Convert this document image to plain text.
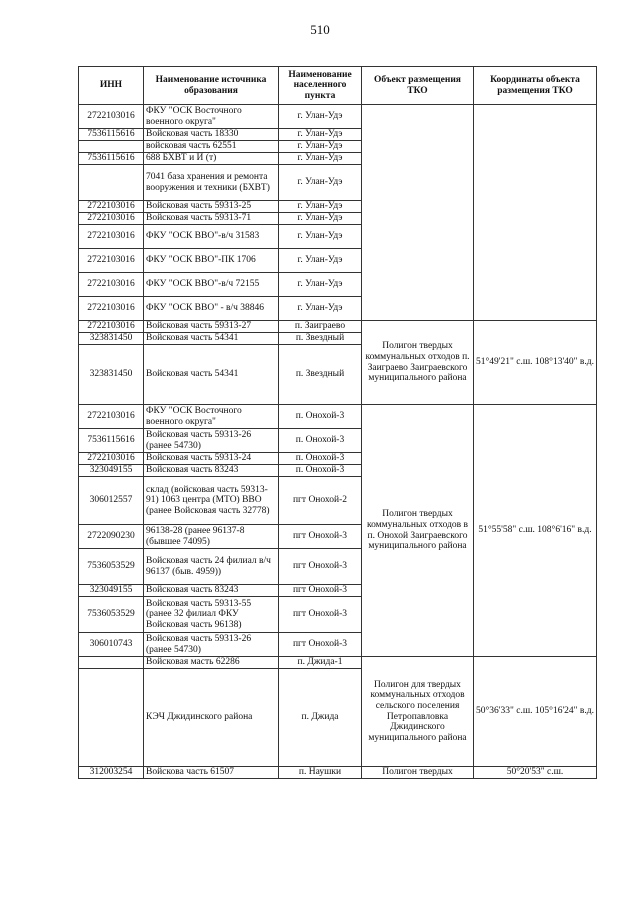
510
ИНН	Наименование источника образования	Наименование населенного пункта	Объект размещения ТКО	Координаты объекта размещения ТКО
2722103016	ФКУ "ОСК Восточного военного округа"	г. Улан-Удэ		
7536115616	Войсковая часть 18330	г. Улан-Удэ		
	войсковая часть 62551	г. Улан-Удэ		
7536115616	688 БХВТ и И (т)	г. Улан-Удэ		
	7041 база хранения и ремонта вооружения и техники (БХВТ)	г. Улан-Удэ		
2722103016	Войсковая часть 59313-25	г. Улан-Удэ		
2722103016	Войсковая часть 59313-71	г. Улан-Удэ		
2722103016	ФКУ "ОСК ВВО"-в/ч 31583	г. Улан-Удэ		
2722103016	ФКУ "ОСК ВВО"-ПК 1706	г. Улан-Удэ		
2722103016	ФКУ "ОСК ВВО"-в/ч 72155	г. Улан-Удэ		
2722103016	ФКУ "ОСК ВВО" - в/ч 38846	г. Улан-Удэ		
2722103016	Войсковая часть 59313-27	п. Заиграево	Полигон твердых коммунальных отходов п. Заиграево Заиграевского муниципального района	51°49'21" с.ш. 108°13'40" в.д.
323831450	Войсковая часть 54341	п. Звездный		
323831450	Войсковая часть 54341	п. Звездный		
2722103016	ФКУ "ОСК Восточного военного округа"	п. Онохой-3	Полигон твердых коммунальных отходов в п. Онохой Заиграевского муниципального района	51°55'58" с.ш. 108°6'16" в.д.
7536115616	Войсковая часть 59313-26 (ранее 54730)	п. Онохой-3		
2722103016	Войсковая часть 59313-24	п. Онохой-3		
323049155	Войсковая часть 83243	п. Онохой-3		
306012557	склад (войсковая часть 59313-91) 1063 центра (МТО) ВВО (ранее Войсковая часть 32778)	пгт Онохой-2		
2722090230	96138-28 (ранее 96137-8 (бывшее 74095)	пгт Онохой-3		
7536053529	Войсковая часть 24 филиал в/ч 96137 (быв. 4959))	пгт Онохой-3		
323049155	Войсковая часть 83243	пгт Онохой-3		
7536053529	Войсковая часть 59313-55 (ранее 32 филиал ФКУ Войсковая часть 96138)	пгт Онохой-3		
306010743	Войсковая часть 59313-26 (ранее 54730)	пгт Онохой-3		
	Войсковая масть 62286	п. Джида-1	Полигон для твердых коммунальных отходов сельского поселения Петропавловка Джидинского муниципального района	50°36'33" с.ш. 105°16'24" в.д.
	КЭЧ Джидинского района	п. Джида		
312003254	Войскова часть 61507	п. Наушки	Полигон твердых	50°20'53" с.ш.
